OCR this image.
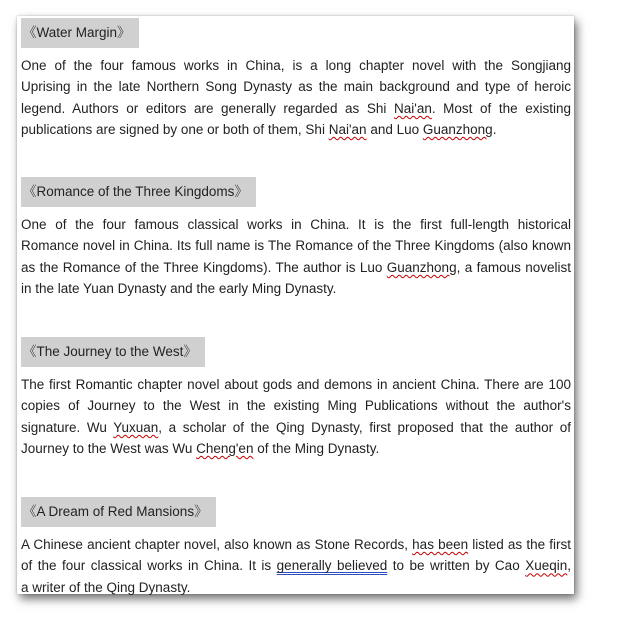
《Water Margin》
One of the four famous works in China, is a long chapter novel with the Songjiang
Uprising in the late Northern Song Dynasty as the main background and type of heroic
legend. Authors or editors are generally regarded as Shi Nai'an. Most of the existing
publications are signed by one or both of them, Shi Nai'an and Luo Guanzhong.
《Romance of the Three Kingdoms》
One of the four famous classical works in China. It is the first full-length historical
Romance novel in China. Its full name is The Romance of the Three Kingdoms (also known
as the Romance of the Three Kingdoms). The author is Luo Guanzhong, a famous novelist
in the late Yuan Dynasty and the early Ming Dynasty.
《The Journey to the West》
The first Romantic chapter novel about gods and demons in ancient China. There are 100
copies of Journey to the West in the existing Ming Publications without the author's
signature. Wu Yuxuan, a scholar of the Qing Dynasty, first proposed that the author of
Journey to the West was Wu Cheng'en of the Ming Dynasty.
《A Dream of Red Mansions》
A Chinese ancient chapter novel, also known as Stone Records, has been listed as the first
of the four classical works in China. It is generally believed to be written by Cao Xueqin,
a writer of the Qing Dynasty.
